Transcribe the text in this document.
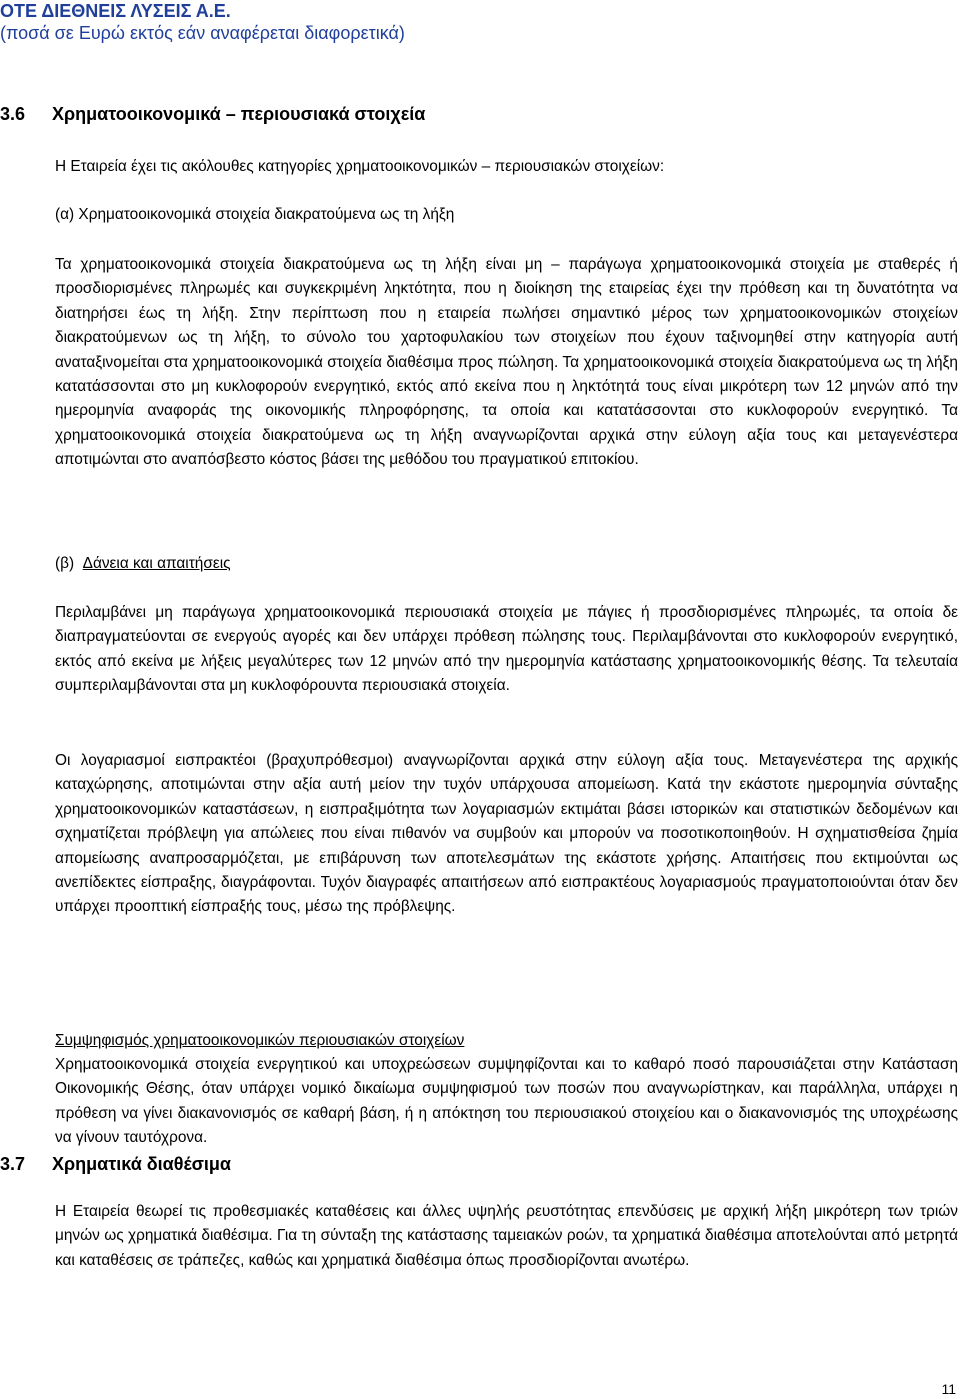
ΟΤΕ ΔΙΕΘΝΕΙΣ ΛΥΣΕΙΣ Α.Ε.
(ποσά σε Ευρώ εκτός εάν αναφέρεται διαφορετικά)
3.6 Χρηματοοικονομικά – περιουσιακά στοιχεία

Η Εταιρεία έχει τις ακόλουθες κατηγορίες χρηματοοικονομικών – περιουσιακών στοιχείων:

(α) Χρηματοοικονομικά στοιχεία διακρατούμενα ως τη λήξη

Τα χρηματοοικονομικά στοιχεία διακρατούμενα ως τη λήξη είναι μη – παράγωγα χρηματοοικονομικά στοιχεία με σταθερές ή προσδιορισμένες πληρωμές και συγκεκριμένη ληκτότητα, που η διοίκηση της εταιρείας έχει την πρόθεση και τη δυνατότητα να διατηρήσει έως τη λήξη. Στην περίπτωση που η εταιρεία πωλήσει σημαντικό μέρος των χρηματοοικονομικών στοιχείων διακρατούμενων ως τη λήξη, το σύνολο του χαρτοφυλακίου των στοιχείων που έχουν ταξινομηθεί στην κατηγορία αυτή αναταξινομείται στα χρηματοοικονομικά στοιχεία διαθέσιμα προς πώληση. Τα χρηματοοικονομικά στοιχεία διακρατούμενα ως τη λήξη κατατάσσονται στο μη κυκλοφορούν ενεργητικό, εκτός από εκείνα που η ληκτότητά τους είναι μικρότερη των 12 μηνών από την ημερομηνία αναφοράς της οικονομικής πληροφόρησης, τα οποία και κατατάσσονται στο κυκλοφορούν ενεργητικό. Τα χρηματοοικονομικά στοιχεία διακρατούμενα ως τη λήξη αναγνωρίζονται αρχικά στην εύλογη αξία τους και μεταγενέστερα αποτιμώνται στο αναπόσβεστο κόστος βάσει της μεθόδου του πραγματικού επιτοκίου.

(β) Δάνεια και απαιτήσεις

Περιλαμβάνει μη παράγωγα χρηματοοικονομικά περιουσιακά στοιχεία με πάγιες ή προσδιορισμένες πληρωμές, τα οποία δε διαπραγματεύονται σε ενεργούς αγορές και δεν υπάρχει πρόθεση πώλησης τους. Περιλαμβάνονται στο κυκλοφορούν ενεργητικό, εκτός από εκείνα με λήξεις μεγαλύτερες των 12 μηνών από την ημερομηνία κατάστασης χρηματοοικονομικής θέσης. Τα τελευταία συμπεριλαμβάνονται στα μη κυκλοφόρουντα περιουσιακά στοιχεία.

Οι λογαριασμοί εισπρακτέοι (βραχυπρόθεσμοι) αναγνωρίζονται αρχικά στην εύλογη αξία τους. Μεταγενέστερα της αρχικής καταχώρησης, αποτιμώνται στην αξία αυτή μείον την τυχόν υπάρχουσα απομείωση. Κατά την εκάστοτε ημερομηνία σύνταξης χρηματοοικονομικών καταστάσεων, η εισπραξιμότητα των λογαριασμών εκτιμάται βάσει ιστορικών και στατιστικών δεδομένων και σχηματίζεται πρόβλεψη για απώλειες που είναι πιθανόν να συμβούν και μπορούν να ποσοτικοποιηθούν. Η σχηματισθείσα ζημία απομείωσης αναπροσαρμόζεται, με επιβάρυνση των αποτελεσμάτων της εκάστοτε χρήσης. Απαιτήσεις που εκτιμούνται ως ανεπίδεκτες είσπραξης, διαγράφονται. Τυχόν διαγραφές απαιτήσεων από εισπρακτέους λογαριασμούς πραγματοποιούνται όταν δεν υπάρχει προοπτική είσπραξής τους, μέσω της πρόβλεψης.

Συμψηφισμός χρηματοοικονομικών περιουσιακών στοιχείων

Χρηματοοικονομικά στοιχεία ενεργητικού και υποχρεώσεων συμψηφίζονται και το καθαρό ποσό παρουσιάζεται στην Κατάσταση Οικονομικής Θέσης, όταν υπάρχει νομικό δικαίωμα συμψηφισμού των ποσών που αναγνωρίστηκαν, και παράλληλα, υπάρχει η πρόθεση να γίνει διακανονισμός σε καθαρή βάση, ή η απόκτηση του περιουσιακού στοιχείου και ο διακανονισμός της υποχρέωσης να γίνουν ταυτόχρονα.

3.7 Χρηματικά διαθέσιμα

Η Εταιρεία θεωρεί τις προθεσμιακές καταθέσεις και άλλες υψηλής ρευστότητας επενδύσεις με αρχική λήξη μικρότερη των τριών μηνών ως χρηματικά διαθέσιμα. Για τη σύνταξη της κατάστασης ταμειακών ροών, τα χρηματικά διαθέσιμα αποτελούνται από μετρητά και καταθέσεις σε τράπεζες, καθώς και χρηματικά διαθέσιμα όπως προσδιορίζονται ανωτέρω.

11
